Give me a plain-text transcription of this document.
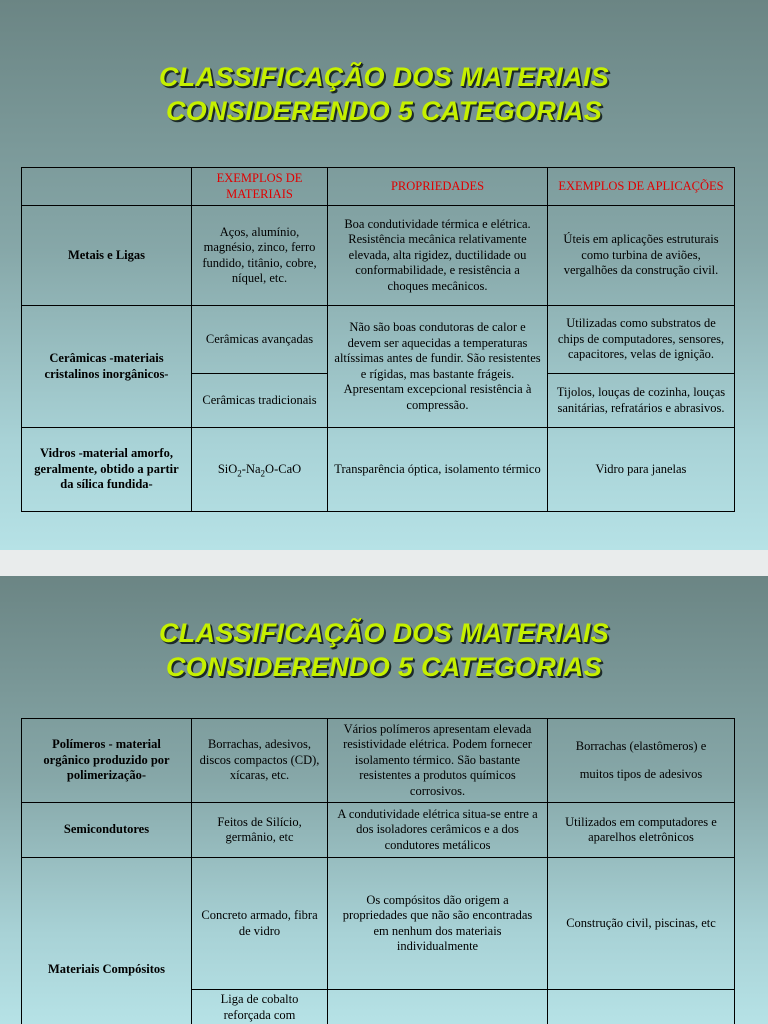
CLASSIFICAÇÃO DOS MATERIAIS
CONSIDERENDO 5 CATEGORIAS
	EXEMPLOS DE MATERIAIS	PROPRIEDADES	EXEMPLOS DE APLICAÇÕES
Metais e Ligas	Aços, alumínio, magnésio, zinco, ferro fundido, titânio, cobre, níquel, etc.	Boa condutividade térmica e elétrica. Resistência mecânica relativamente elevada, alta rigidez, ductilidade ou conformabilidade, e resistência a choques mecânicos.	Úteis em aplicações estruturais como turbina de aviões, vergalhões da construção civil.
Cerâmicas -materiais cristalinos inorgânicos-	Cerâmicas avançadas	Não são boas condutoras de calor e devem ser aquecidas a temperaturas altíssimas antes de fundir. São resistentes e rígidas, mas bastante frágeis. Apresentam excepcional resistência à compressão.	Utilizadas como substratos de chips de computadores, sensores, capacitores, velas de ignição.
	Cerâmicas tradicionais		Tijolos, louças de cozinha, louças sanitárias, refratários e abrasivos.
Vidros -material amorfo, geralmente, obtido a partir da sílica fundida-	$SiO_2-Na_2O$-CaO	Transparência óptica, isolamento térmico	Vidro para janelas
CLASSIFICAÇÃO DOS MATERIAIS
CONSIDERENDO 5 CATEGORIAS
Polímeros - material orgânico produzido por polimerização-	Borrachas, adesivos, discos compactos (CD), xícaras, etc.	Vários polímeros apresentam elevada resistividade elétrica. Podem fornecer isolamento térmico. São bastante resistentes a produtos químicos corrosivos.	Borrachas (elastômeros) e
muitos tipos de adesivos

Semicondutores	Feitos de Silício, germânio, etc	A condutividade elétrica situa-se entre a dos isoladores cerâmicos e a dos condutores metálicos	Utilizados em computadores e aparelhos eletrônicos
Materiais Compósitos	Concreto armado, fibra de vidro	Os compósitos dão origem a propriedades que não são encontradas em nenhum dos materiais individualmente	Construção civil, piscinas, etc
	Liga de cobalto reforçada com		
